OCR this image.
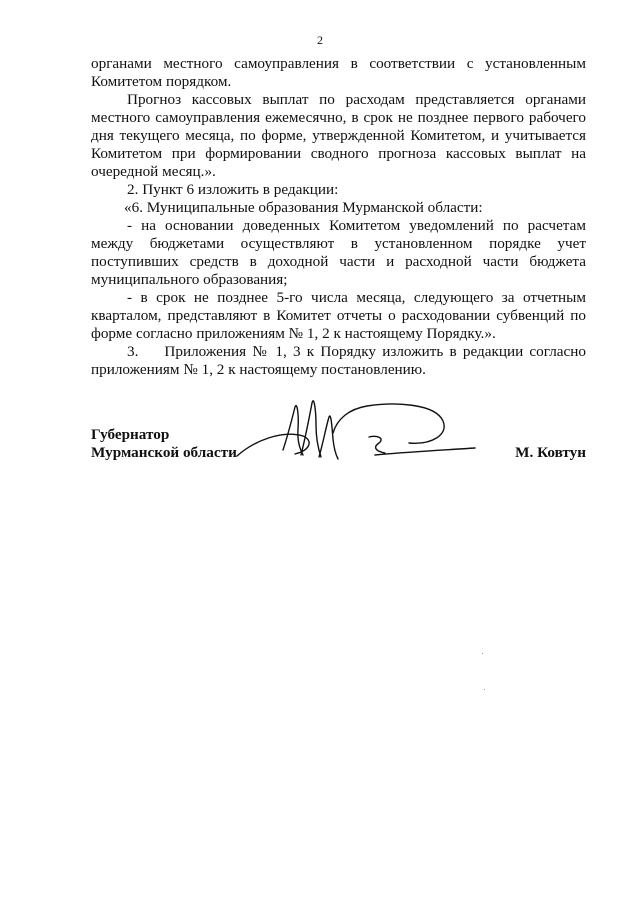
2

органами местного самоуправления в соответствии с установленным Комитетом порядком.

Прогноз кассовых выплат по расходам представляется органами местного самоуправления ежемесячно, в срок не позднее первого рабочего дня текущего месяца, по форме, утвержденной Комитетом, и учитывается Комитетом при формировании сводного прогноза кассовых выплат на очередной месяц.».

2. Пункт 6 изложить в редакции:

«6. Муниципальные образования Мурманской области:

- на основании доведенных Комитетом уведомлений по расчетам между бюджетами осуществляют в установленном порядке учет поступивших средств в доходной части и расходной части бюджета муниципального образования;

- в срок не позднее 5-го числа месяца, следующего за отчетным кварталом, представляют в Комитет отчеты о расходовании субвенций по форме согласно приложениям № 1, 2 к настоящему Порядку.».

3. Приложения № 1, 3 к Порядку изложить в редакции согласно приложениям № 1, 2 к настоящему постановлению.

Губернатор

Мурманской области	М. Ковтун
